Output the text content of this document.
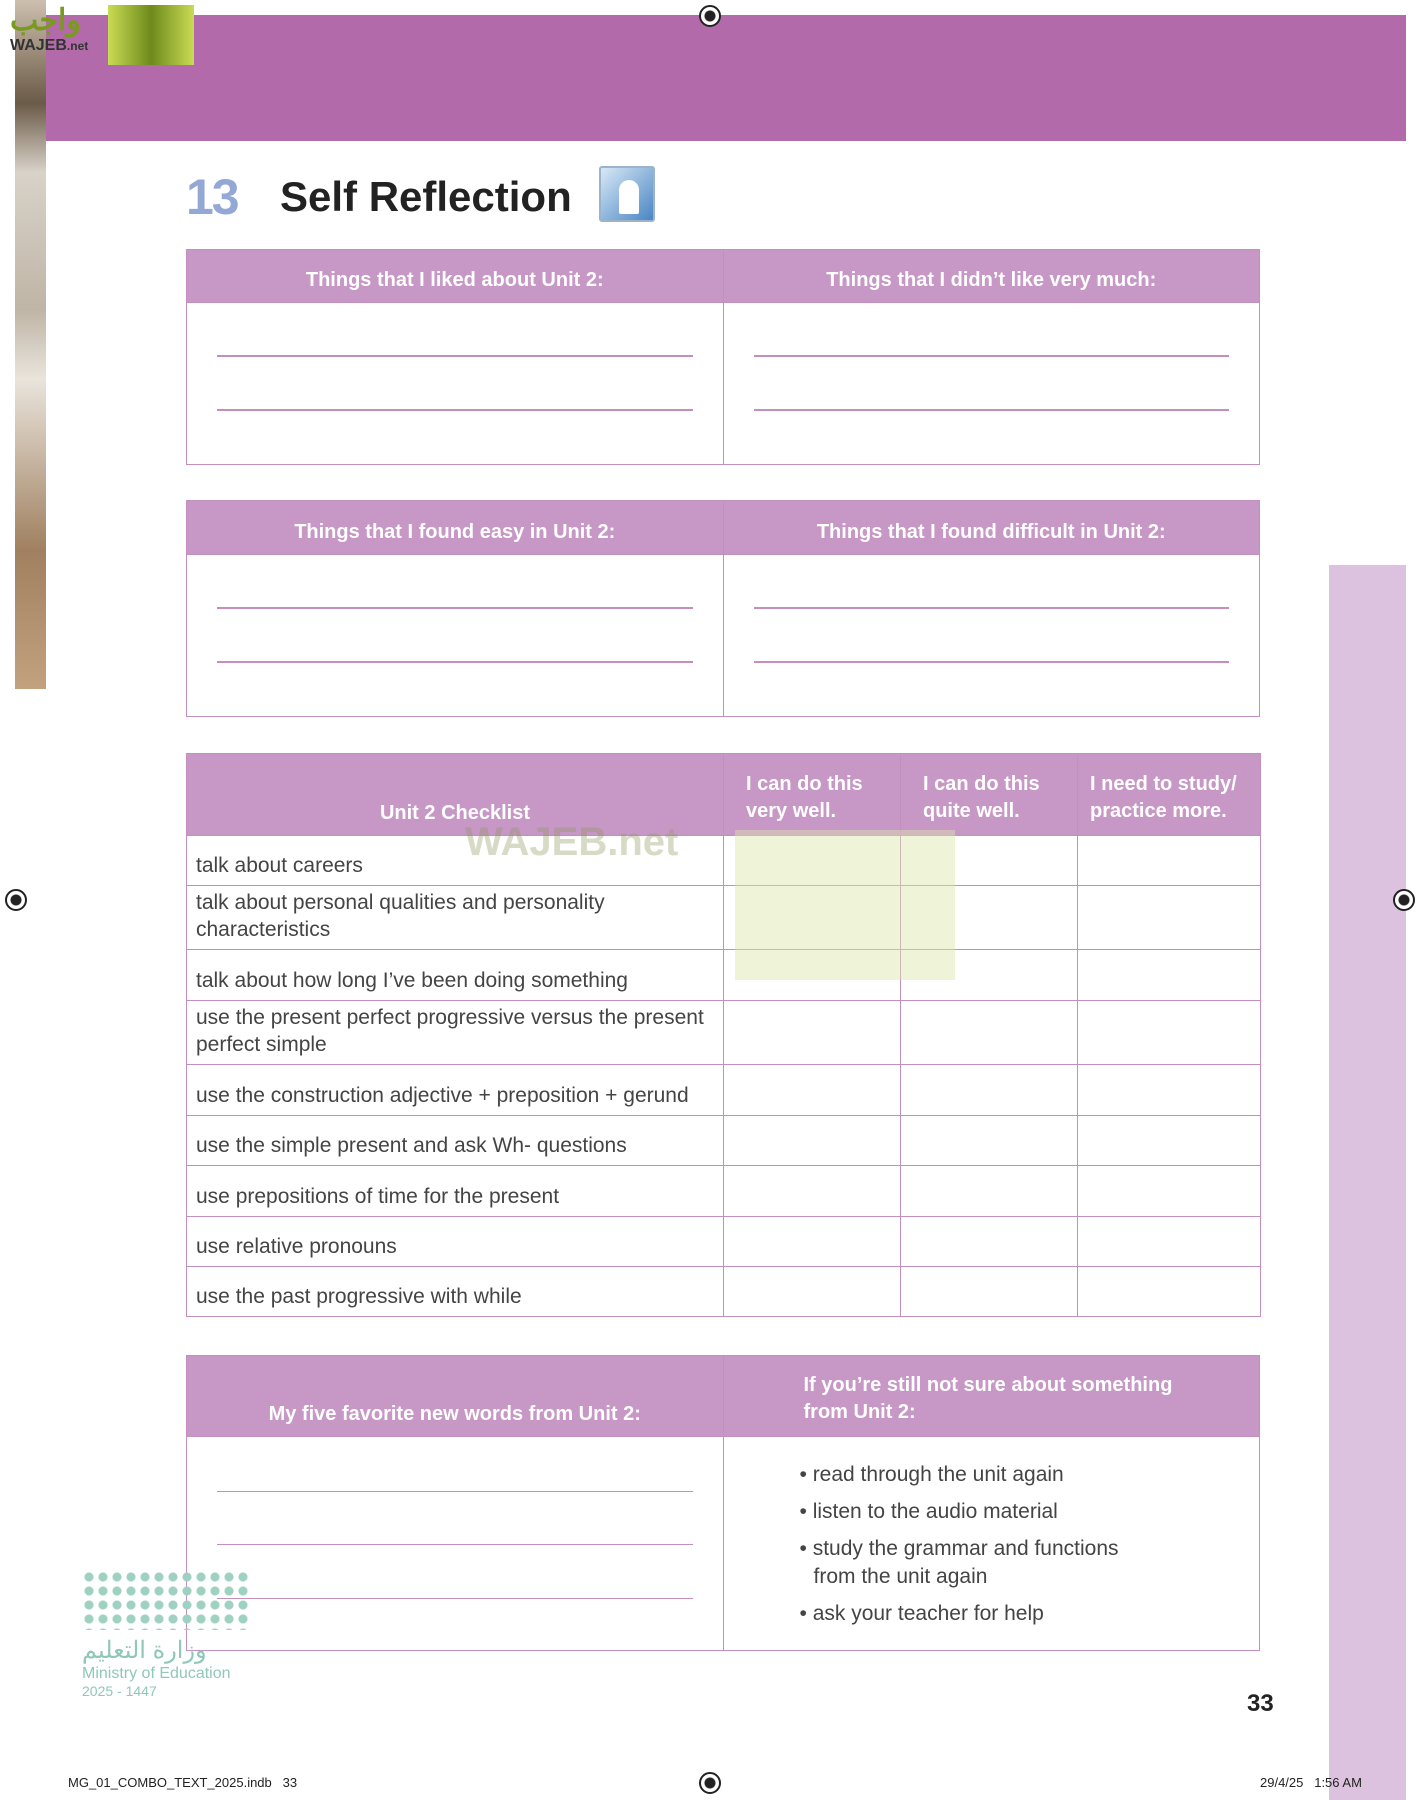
واجب
WAJEB.net
13 Self Reflection
Things that I liked about Unit 2:	Things that I didn’t like very much:

Things that I found easy in Unit 2:	Things that I found difficult in Unit 2:

Unit 2 Checklist	I can do this very well.	I can do this quite well.	I need to study/ practice more.
talk about careers			
talk about personal qualities and personality characteristics			
talk about how long I’ve been doing something			
use the present perfect progressive versus the present perfect simple			
use the construction adjective + preposition + gerund			
use the simple present and ask Wh- questions			
use prepositions of time for the present			
use relative pronouns			
use the past progressive with while			
WAJEB.net
My five favorite new words from Unit 2:	If you’re still not sure about something from Unit 2:

	• read through the unit again
• listen to the audio material
• study the grammar and functions from the unit again
• ask your teacher for help
وزارة التعليم
Ministry of Education
2025 - 1447	33
MG_01_COMBO_TEXT_2025.indb   33	29/4/25   1:56 AM
